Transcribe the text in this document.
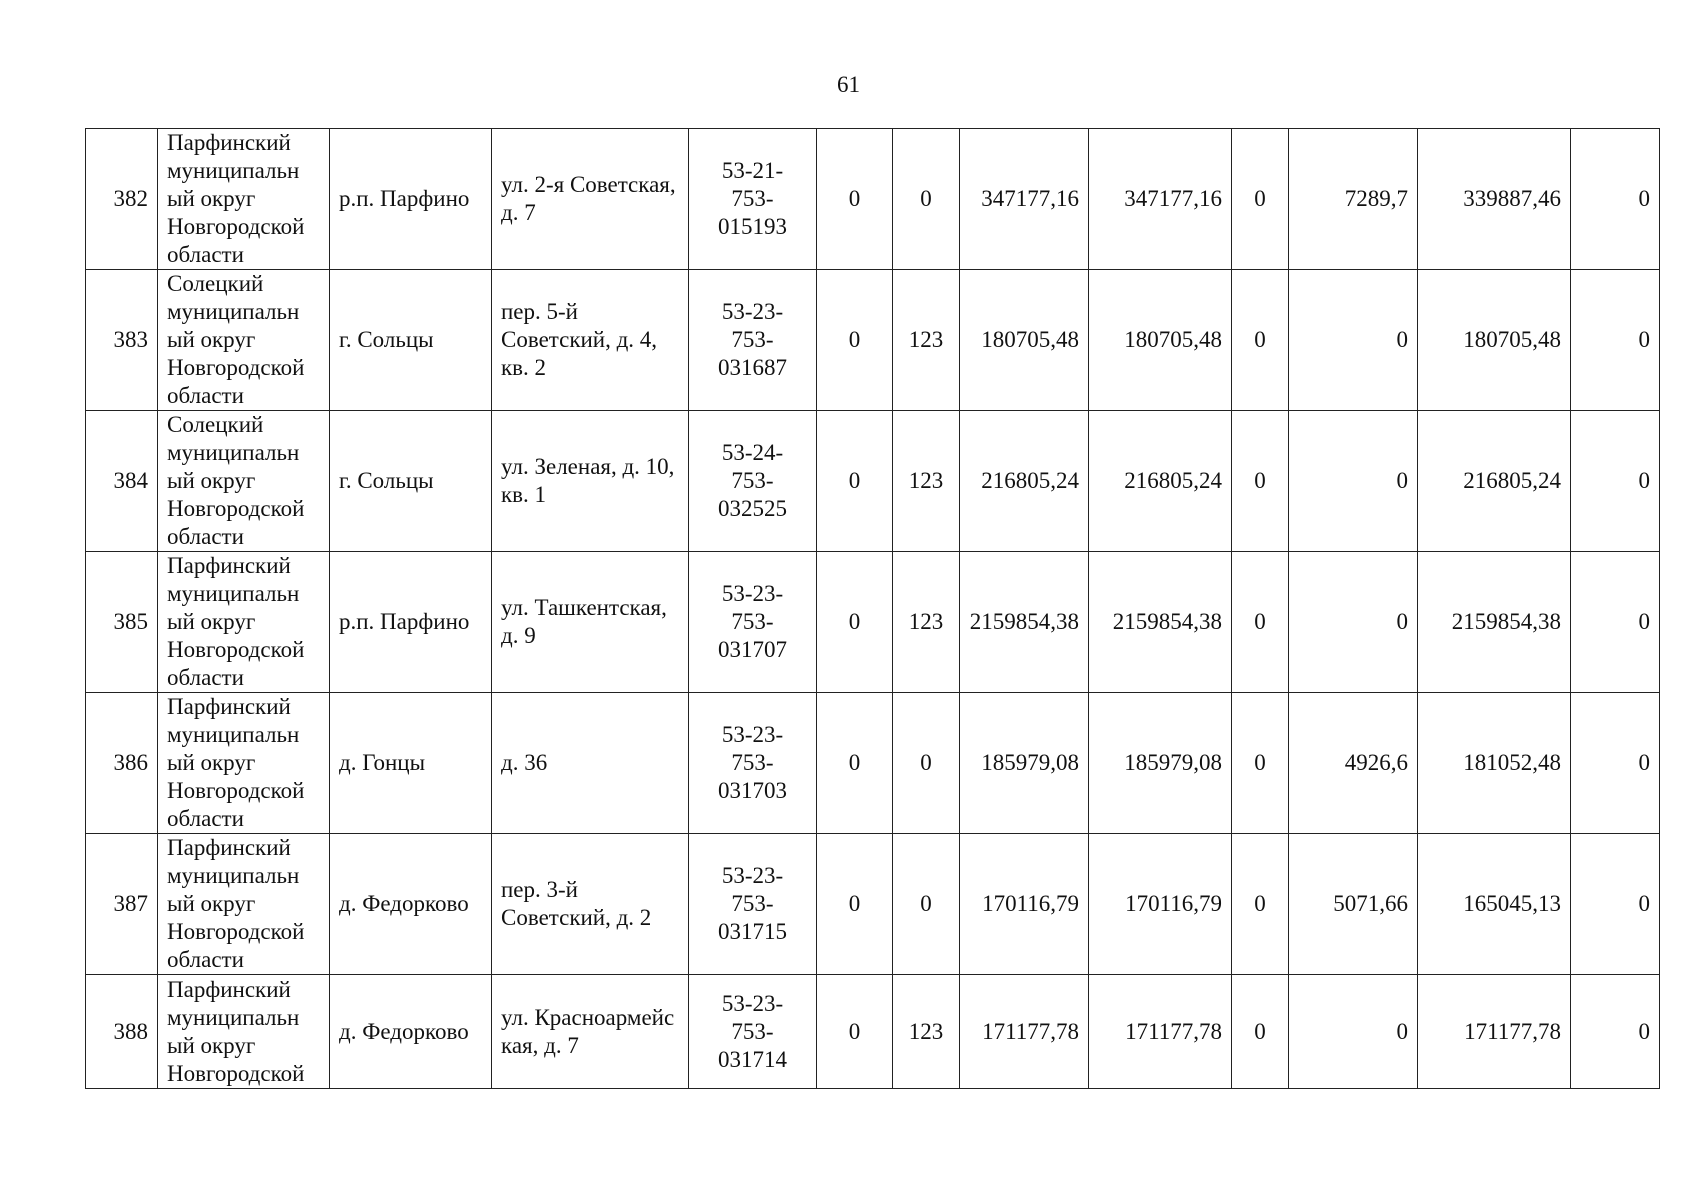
61
382	Парфинский муниципальн ый округ Новгородской области	р.п. Парфино	ул. 2-я Советская, д. 7	53-21-
753-
015193	0	0	347177,16	347177,16	0	7289,7	339887,46	0
383	Солецкий муниципальн ый округ Новгородской области	г. Сольцы	пер. 5-й Советский, д. 4, кв. 2	53-23-
753-
031687	0	123	180705,48	180705,48	0	0	180705,48	0
384	Солецкий муниципальн ый округ Новгородской области	г. Сольцы	ул. Зеленая, д. 10, кв. 1	53-24-
753-
032525	0	123	216805,24	216805,24	0	0	216805,24	0
385	Парфинский муниципальн ый округ Новгородской области	р.п. Парфино	ул. Ташкентская, д. 9	53-23-
753-
031707	0	123	2159854,38	2159854,38	0	0	2159854,38	0
386	Парфинский муниципальн ый округ Новгородской области	д. Гонцы	д. 36	53-23-
753-
031703	0	0	185979,08	185979,08	0	4926,6	181052,48	0
387	Парфинский муниципальн ый округ Новгородской области	д. Федорково	пер. 3-й Советский, д. 2	53-23-
753-
031715	0	0	170116,79	170116,79	0	5071,66	165045,13	0
388	Парфинский муниципальн ый округ Новгородской	д. Федорково	ул. Красноармейская, д. 7	53-23-
753-
031714	0	123	171177,78	171177,78	0	0	171177,78	0
